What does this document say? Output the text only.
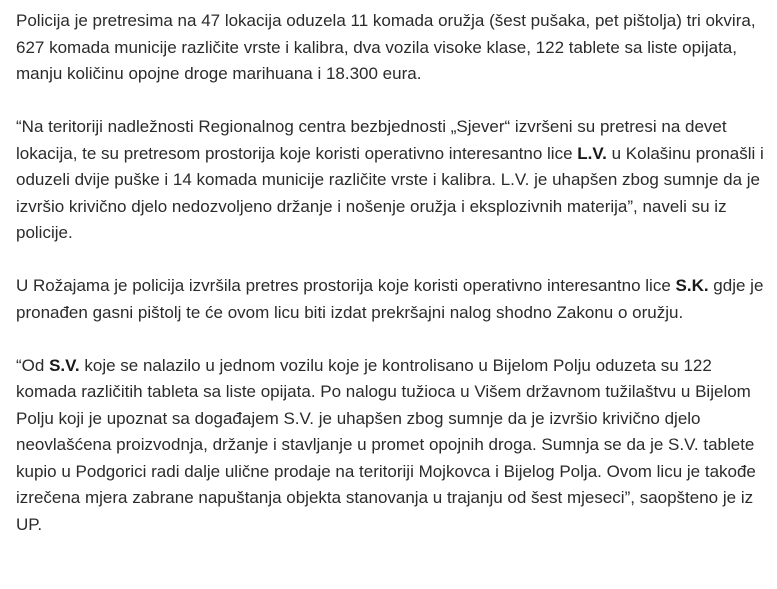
Policija je pretresima na 47 lokacija oduzela 11 komada oružja (šest pušaka, pet pištolja) tri okvira, 627 komada municije različite vrste i kalibra, dva vozila visoke klase, 122 tablete sa liste opijata, manju količinu opojne droge marihuana i 18.300 eura.

“Na teritoriji nadležnosti Regionalnog centra bezbjednosti „Sjever“ izvršeni su pretresi na devet lokacija, te su pretresom prostorija koje koristi operativno interesantno lice L.V. u Kolašinu pronašli i oduzeli dvije puške i 14 komada municije različite vrste i kalibra. L.V. je uhapšen zbog sumnje da je izvršio krivično djelo nedozvoljeno držanje i nošenje oružja i eksplozivnih materija”, naveli su iz policije.

U Rožajama je policija izvršila pretres prostorija koje koristi operativno interesantno lice S.K. gdje je pronađen gasni pištolj te će ovom licu biti izdat prekršajni nalog shodno Zakonu o oružju.

“Od S.V. koje se nalazilo u jednom vozilu koje je kontrolisano u Bijelom Polju oduzeta su 122 komada različitih tableta sa liste opijata. Po nalogu tužioca u Višem državnom tužilaštvu u Bijelom Polju koji je upoznat sa događajem S.V. je uhapšen zbog sumnje da je izvršio krivično djelo neovlašćena proizvodnja, držanje i stavljanje u promet opojnih droga. Sumnja se da je S.V. tablete kupio u Podgorici radi dalje ulične prodaje na teritoriji Mojkovca i Bijelog Polja. Ovom licu je takođe izrečena mjera zabrane napuštanja objekta stanovanja u trajanju od šest mjeseci”, saopšteno je iz UP.
